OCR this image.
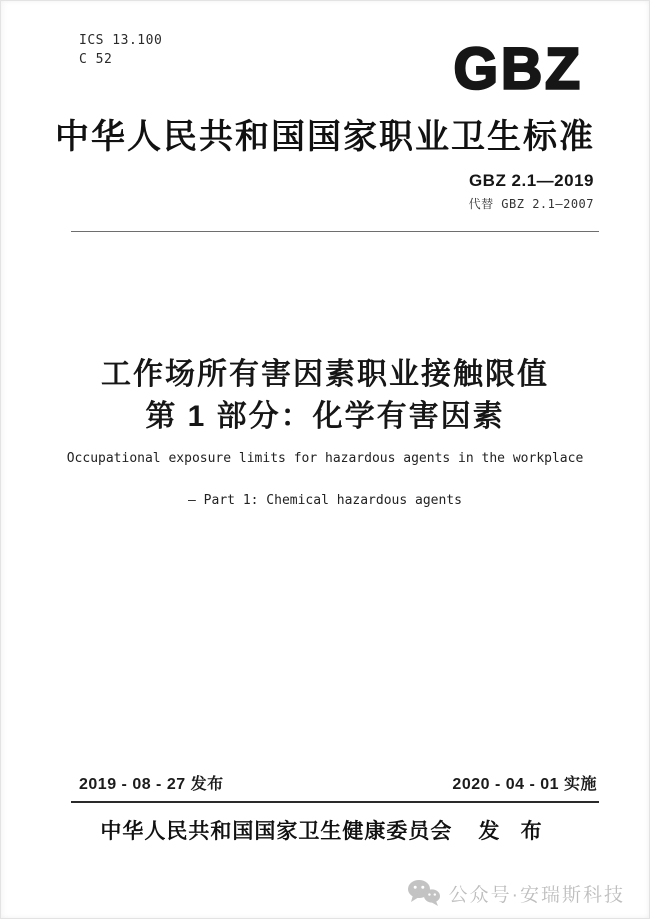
ICS 13.100
C 52	GBZ
中华人民共和国国家职业卫生标准
GBZ 2.1—2019
代替 GBZ 2.1—2007
工作场所有害因素职业接触限值
第 1 部分：化学有害因素
Occupational exposure limits for hazardous agents in the workplace
— Part 1: Chemical hazardous agents
2019 - 08 - 27 发布	2020 - 04 - 01 实施
中华人民共和国国家卫生健康委员会 发 布
公众号·安瑞斯科技
